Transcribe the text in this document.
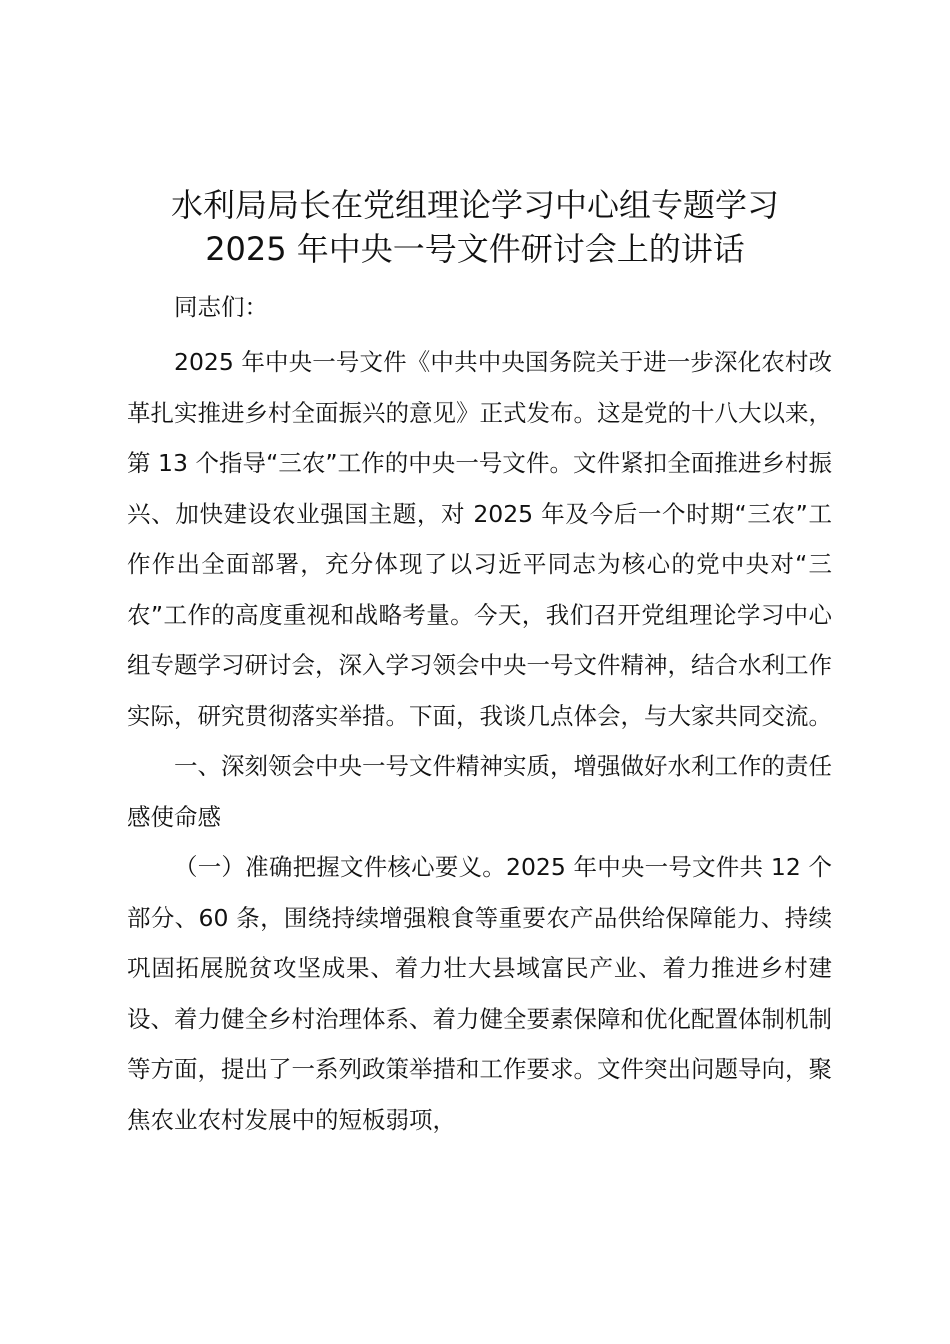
水利局局长在党组理论学习中心组专题学习
2025 年中央一号文件研讨会上的讲话

同志们：

2025 年中央一号文件《中共中央国务院关于进一步深化农村改革扎实推进乡村全面振兴的意见》正式发布。这是党的十八大以来，第 13 个指导“三农”工作的中央一号文件。文件紧扣全面推进乡村振兴、加快建设农业强国主题，对 2025 年及今后一个时期“三农”工作作出全面部署，充分体现了以习近平同志为核心的党中央对“三农”工作的高度重视和战略考量。今天，我们召开党组理论学习中心组专题学习研讨会，深入学习领会中央一号文件精神，结合水利工作实际，研究贯彻落实举措。下面，我谈几点体会，与大家共同交流。

一、深刻领会中央一号文件精神实质，增强做好水利工作的责任感使命感

（一）准确把握文件核心要义。2025 年中央一号文件共 12 个部分、60 条，围绕持续增强粮食等重要农产品供给保障能力、持续巩固拓展脱贫攻坚成果、着力壮大县域富民产业、着力推进乡村建设、着力健全乡村治理体系、着力健全要素保障和优化配置体制机制等方面，提出了一系列政策举措和工作要求。文件突出问题导向，聚焦农业农村发展中的短板弱项，
